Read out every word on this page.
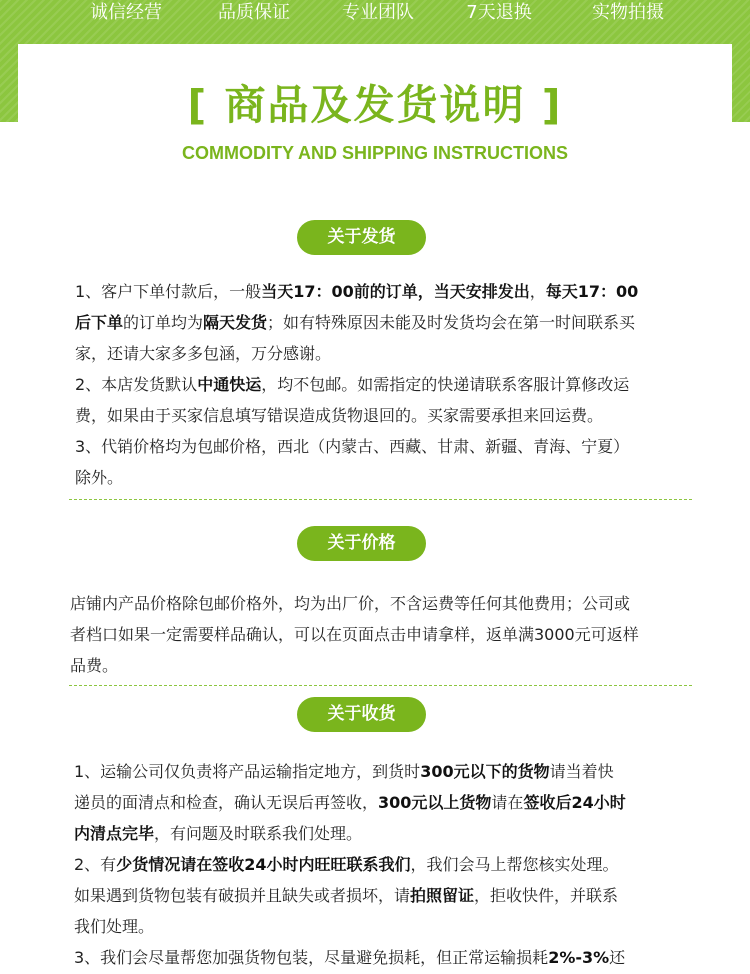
诚信经营	品质保证	专业团队	7天退换	实物拍摄
[ 商品及发货说明 ]
COMMODITY AND SHIPPING INSTRUCTIONS
关于发货
1、客户下单付款后，一般当天17：00前的订单，当天安排发出，每天17：00
后下单的订单均为隔天发货；如有特殊原因未能及时发货均会在第一时间联系买
家，还请大家多多包涵，万分感谢。
2、本店发货默认中通快运，均不包邮。如需指定的快递请联系客服计算修改运
费，如果由于买家信息填写错误造成货物退回的。买家需要承担来回运费。
3、代销价格均为包邮价格，西北（内蒙古、西藏、甘肃、新疆、青海、宁夏）
除外。
关于价格
店铺内产品价格除包邮价格外，均为出厂价，不含运费等任何其他费用；公司或
者档口如果一定需要样品确认，可以在页面点击申请拿样，返单满3000元可返样
品费。
关于收货
1、运输公司仅负责将产品运输指定地方，到货时300元以下的货物请当着快
递员的面清点和检查，确认无误后再签收，300元以上货物请在签收后24小时
内清点完毕，有问题及时联系我们处理。
2、有少货情况请在签收24小时内旺旺联系我们，我们会马上帮您核实处理。
如果遇到货物包装有破损并且缺失或者损坏，请拍照留证，拒收快件，并联系
我们处理。
3、我们会尽量帮您加强货物包装，尽量避免损耗，但正常运输损耗2%-3%还
